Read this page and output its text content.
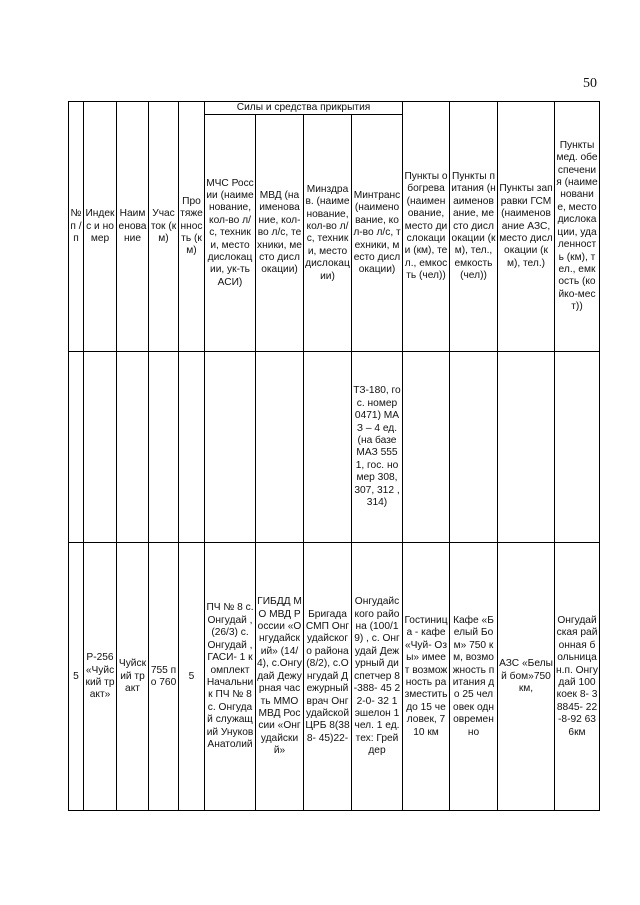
50
№ п / п	Индекс и номер	Наименование	Участок (км)	Протяженность (км)	Силы и средства прикрытия				Пункты обогрева (наименование, место дислокации (км), тел., емкость (чел))	Пункты питания (наименование, место дислокации (км), тел., емкость (чел))	Пункты заправки ГСМ (наименование АЗС, место дислокации (км), тел.)	Пункты мед. обеспечения (наименование, место дислокации, удаленность (км), тел., емкость (койко-мест))

					МЧС России (наименование, кол-во л/с, техники, место дислокации, ук-ть АСИ)	МВД (наименование, кол-во л/с, техники, место дислокации)	Минздрав. (наименование, кол-во л/с, техники, место дислокации)	Минтранс (наименование, кол-во л/с, техники, место дислокации)				

								ТЗ-180, гос. номер 0471) МАЗ – 4 ед. (на базе МАЗ 5551, гос. номер 308, 307, 312 , 314)				

5	Р-256 «Чуйский тракт»	Чуйский тракт	755 по 760	5	ПЧ № 8 с. Онгудай , (26/3) с. Онгудай , ГАСИ- 1 комплект Начальник ПЧ № 8 с. Онгудай служащий Унуков Анатолий	ГИБДД МО МВД России «Онгудайский» (14/4), с.Онгудай Дежурная часть ММО МВД России «Онгудайский»	Бригада СМП Онгудайского района (8/2), с.Онгудай Дежурный врач Онгудайской ЦРБ 8(388- 45)22-	Онгудайского района (100/19) , с. Онгудай Дежурный диспетчер 8-388- 45 22-0- 32 1 эшелон 1 чел. 1 ед. тех: Грейдер	Гостиница - кафе «Чуй- Озы» имеет возможность разместить до 15 человек, 710 км	Кафе «Белый Бом» 750 км, возможность питания до 25 человек одновременно	АЗС «Белый бом»750 км,	Онгудайская районная больница н.п. Онгудай 100 коек 8- 38845- 22-8-92 636км
